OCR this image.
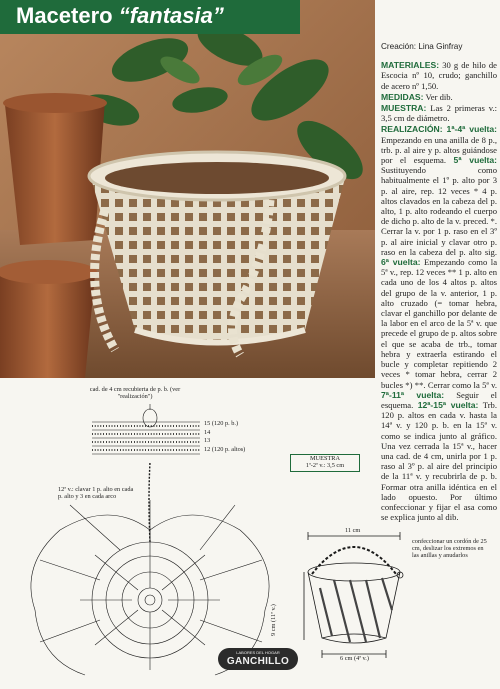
Macetero “fantasia”

Creación: Lina Ginfray

MATERIALES: 30 g de hilo de Escocia nº 10, crudo; ganchillo de acero nº 1,50.

MEDIDAS: Ver dib.

MUESTRA: Las 2 primeras v.: 3,5 cm de diámetro.

REALIZACIÓN: 1ª-4ª vuelta: Empezando en una anilla de 8 p., trb. p. al aire y p. altos guiándose por el esquema. 5ª vuelta: Sustituyendo como habitualmente el 1º p. alto por 3 p. al aire, rep. 12 veces * 4 p. altos clavados en la cabeza del p. alto, 1 p. alto rodeando el cuerpo de dicho p. alto de la v. preced. *. Cerrar la v. por 1 p. raso en el 3º p. al aire inicial y clavar otro p. raso en la cabeza del p. alto sig. 6ª vuelta: Empezando como la 5ª v., rep. 12 veces ** 1 p. alto en cada uno de los 4 altos p. altos del grupo de la v. anterior, 1 p. alto cruzado (= tomar hebra, clavar el ganchillo por delante de la labor en el arco de la 5ª v. que precede el grupo de p. altos sobre el que se acaba de trb., tomar hebra y extraerla estirando el bucle y completar repitiendo 2 veces * tomar hebra, cerrar 2 bucles *) **. Cerrar como la 5ª v. 7ª-11ª vuelta: Seguir el esquema. 12ª-15ª vuelta: Trb. 120 p. altos en cada v. hasta la 14ª v. y 120 p. b. en la 15ª v. como se indica junto al gráfico. Una vez cerrada la 15ª v., hacer una cad. de 4 cm, unirla por 1 p. raso al 3º p. al aire del principio de la 11ª v. y recubrirla de p. b. Formar otra anilla idéntica en el lado opuesto. Por último confeccionar y fijar el asa como se explica junto al dib.

cad. de 4 cm recubierta de p. b. (ver "realización")
15 (120 p. b.)
14
13
12 (120 p. altos)
12ª v.: clavar 1 p. alto en cada p. alto y 3 en cada arco
MUESTRA
1ª-2ª v.: 3,5 cm
11 cm
9 cm (11ª v.)
6 cm (4ª v.)
confeccionar un cordón de 25 cm, deslizar los extremos en las anillas y anudarlos
LABORES DEL HOGAR
GANCHILLO
